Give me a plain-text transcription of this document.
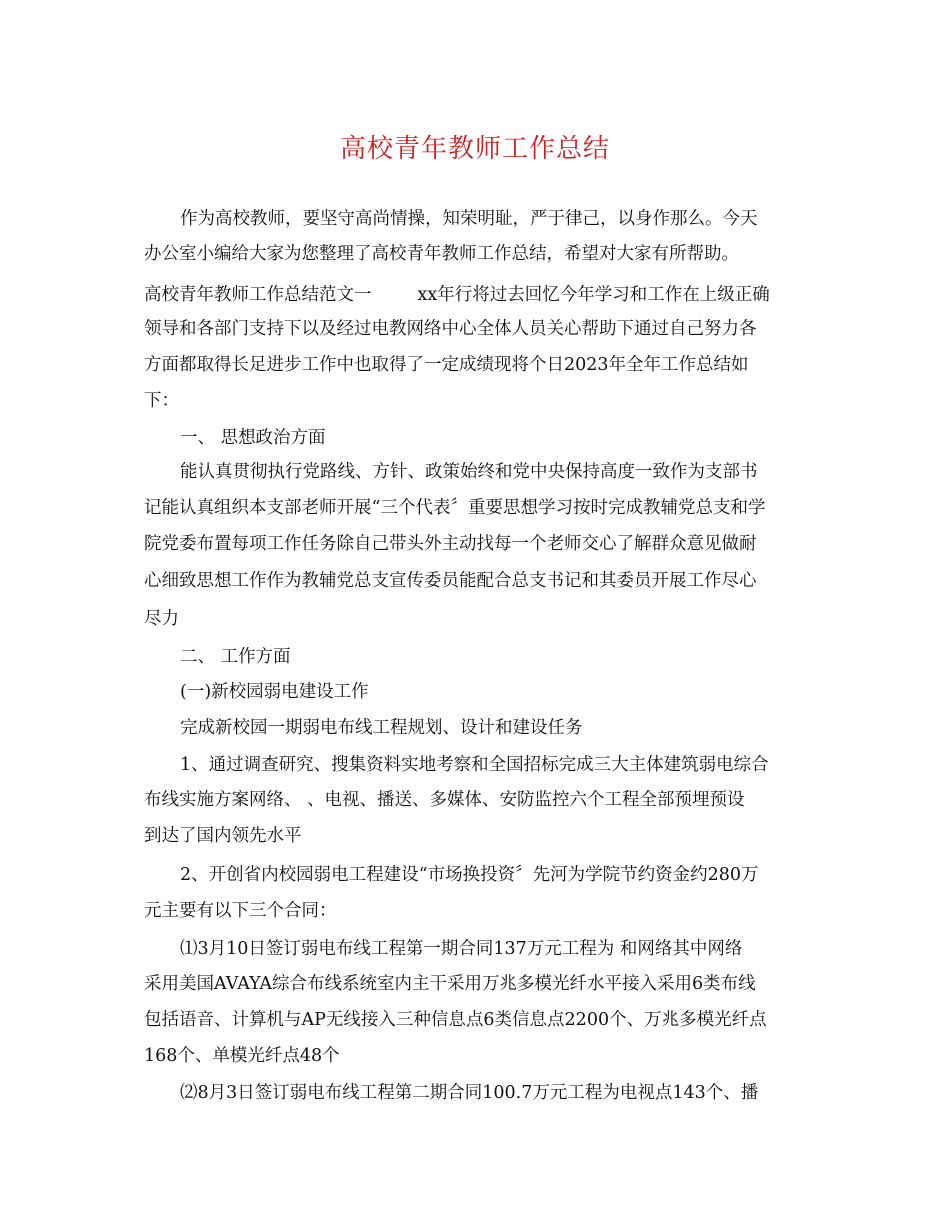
高校青年教师工作总结
作为高校教师，要坚守高尚情操，知荣明耻，严于律己，以身作那么。今天
办公室小编给大家为您整理了高校青年教师工作总结，希望对大家有所帮助。
高校青年教师工作总结范文一	xx年行将过去回忆今年学习和工作在上级正确
领导和各部门支持下以及经过电教网络中心全体人员关心帮助下通过自己努力各
方面都取得长足进步工作中也取得了一定成绩现将个日2023年全年工作总结如
下：
一、 思想政治方面
能认真贯彻执行党路线、方针、政策始终和党中央保持高度一致作为支部书
记能认真组织本支部老师开展“三个代表〞重要思想学习按时完成教辅党总支和学
院党委布置每项工作任务除自己带头外主动找每一个老师交心了解群众意见做耐
心细致思想工作作为教辅党总支宣传委员能配合总支书记和其委员开展工作尽心
尽力
二、 工作方面
(一)新校园弱电建设工作
完成新校园一期弱电布线工程规划、设计和建设任务
1、通过调查研究、搜集资料实地考察和全国招标完成三大主体建筑弱电综合
布线实施方案网络、 、电视、播送、多媒体、安防监控六个工程全部预埋预设
到达了国内领先水平
2、开创省内校园弱电工程建设“市场换投资〞先河为学院节约资金约280万
元主要有以下三个合同：
⑴3月10日签订弱电布线工程第一期合同137万元工程为 和网络其中网络
采用美国AVAYA综合布线系统室内主干采用万兆多模光纤水平接入采用6类布线
包括语音、计算机与AP无线接入三种信息点6类信息点2200个、万兆多模光纤点
168个、单模光纤点48个
⑵8月3日签订弱电布线工程第二期合同100.7万元工程为电视点143个、播
